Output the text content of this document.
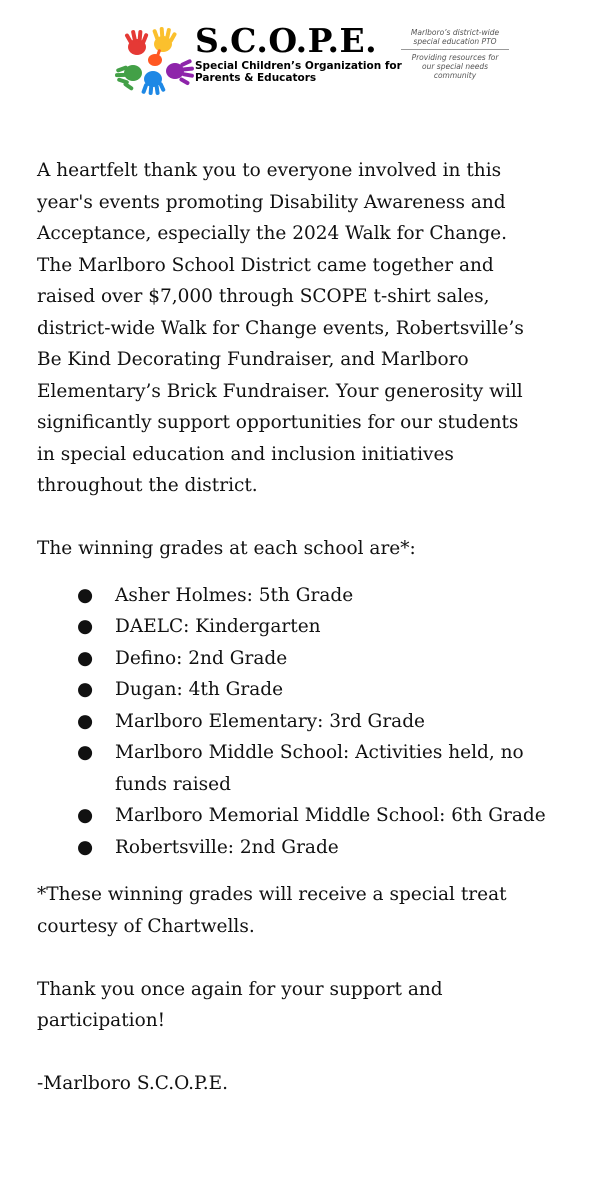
S.C.O.P.E.
Special Children’s Organization for
Parents & Educators
Marlboro’s district-wide
special education PTO
Providing resources for
our special needs
community

A heartfelt thank you to everyone involved in this
year's events promoting Disability Awareness and
Acceptance, especially the 2024 Walk for Change.
The Marlboro School District came together and
raised over $7,000 through SCOPE t-shirt sales,
district-wide Walk for Change events, Robertsville’s
Be Kind Decorating Fundraiser, and Marlboro
Elementary’s Brick Fundraiser. Your generosity will
significantly support opportunities for our students
in special education and inclusion initiatives
throughout the district.

The winning grades at each school are*:

● Asher Holmes: 5th Grade
● DAELC: Kindergarten
● Defino: 2nd Grade
● Dugan: 4th Grade
● Marlboro Elementary: 3rd Grade
● Marlboro Middle School: Activities held, no
funds raised
● Marlboro Memorial Middle School: 6th Grade
● Robertsville: 2nd Grade

*These winning grades will receive a special treat
courtesy of Chartwells.

Thank you once again for your support and
participation!

-Marlboro S.C.O.P.E.
